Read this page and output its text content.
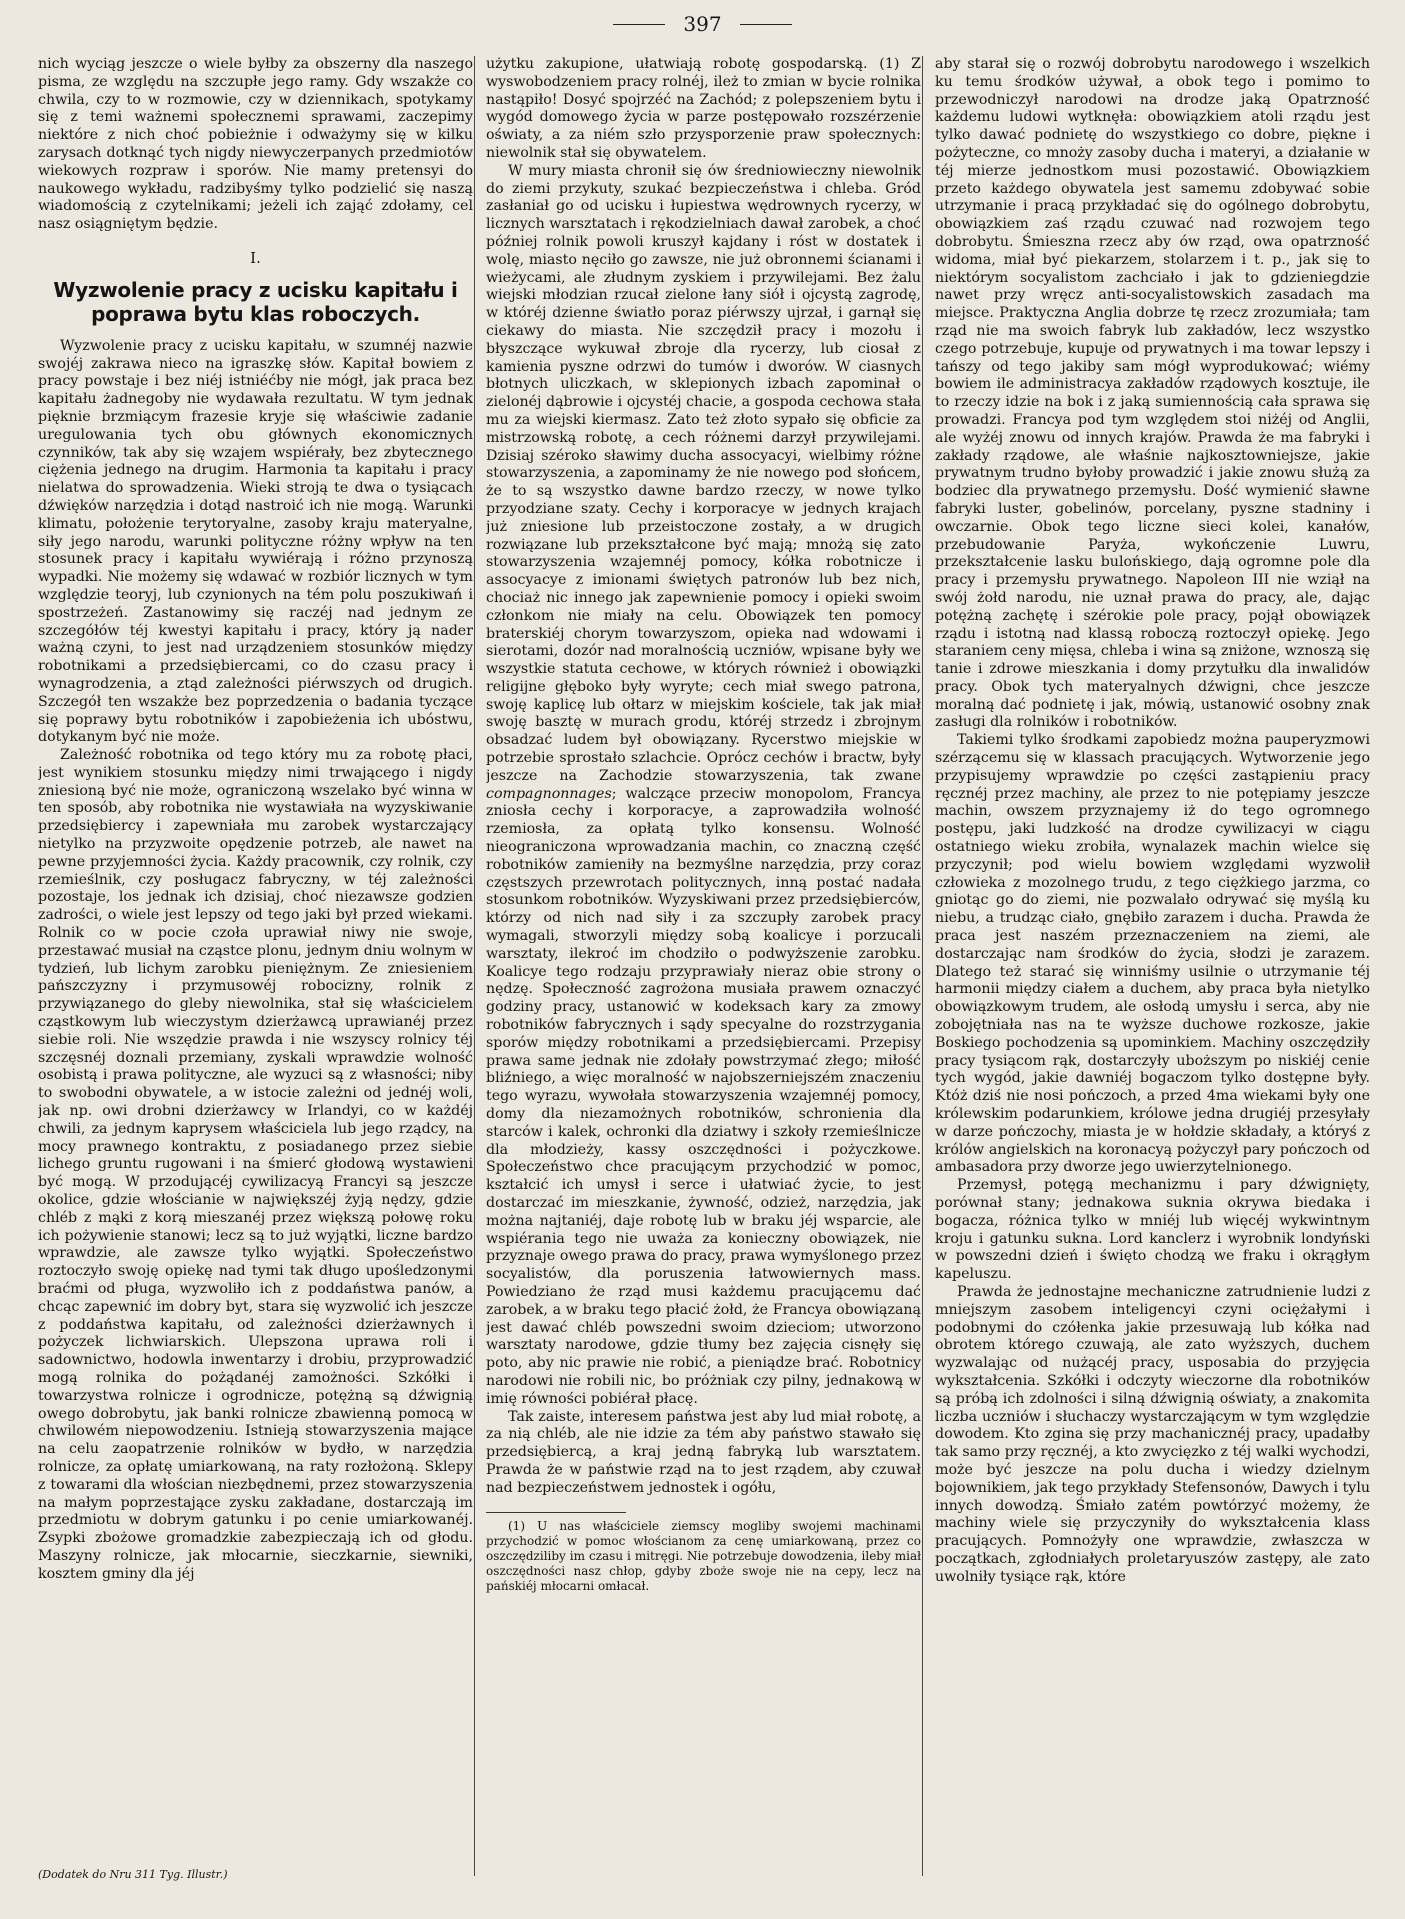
397

nich wyciąg jeszcze o wiele byłby za obszerny dla naszego pisma, ze względu na szczupłe jego ramy. Gdy wszakże co chwila, czy to w rozmowie, czy w dziennikach, spotykamy się z temi ważnemi społecznemi sprawami, zaczepimy niektóre z nich choć pobieżnie i odważymy się w kilku zarysach dotknąć tych nigdy niewyczerpanych przedmiotów wiekowych rozpraw i sporów. Nie mamy pretensyi do naukowego wykładu, radzibyśmy tylko podzielić się naszą wiadomością z czytelnikami; jeżeli ich zająć zdołamy, cel nasz osiągniętym będzie.

I.
Wyzwolenie pracy z ucisku kapitału i poprawa bytu klas roboczych.

Wyzwolenie pracy z ucisku kapitału, w szumnéj nazwie swojéj zakrawa nieco na igraszkę słów. Kapitał bowiem z pracy powstaje i bez niéj istniéćby nie mógł, jak praca bez kapitału żadnegoby nie wydawała rezultatu. W tym jednak pięknie brzmiącym frazesie kryje się właściwie zadanie uregulowania tych obu głównych ekonomicznych czynników, tak aby się wzajem wspiérały, bez zbytecznego ciężenia jednego na drugim. Harmonia ta kapitału i pracy nielatwa do sprowadzenia. Wieki stroją te dwa o tysiącach dźwięków narzędzia i dotąd nastroić ich nie mogą. Warunki klimatu, położenie terytoryalne, zasoby kraju materyalne, siły jego narodu, warunki polityczne różny wpływ na ten stosunek pracy i kapitału wywiérają i różno przynoszą wypadki. Nie możemy się wdawać w rozbiór licznych w tym względzie teoryj, lub czynionych na tém polu poszukiwań i spostrzeżeń. Zastanowimy się raczéj nad jednym ze szczegółów téj kwestyi kapitału i pracy, który ją nader ważną czyni, to jest nad urządzeniem stosunków między robotnikami a przedsiębiercami, co do czasu pracy i wynagrodzenia, a ztąd zależności piérwszych od drugich. Szczegół ten wszakże bez poprzedzenia o badania tyczące się poprawy bytu robotników i zapobieżenia ich ubóstwu, dotykanym być nie może.

Zależność robotnika od tego który mu za robotę płaci, jest wynikiem stosunku między nimi trwającego i nigdy zniesioną być nie może, ograniczoną wszelako być winna w ten sposób, aby robotnika nie wystawiała na wyzyskiwanie przedsiębiercy i zapewniała mu zarobek wystarczający nietylko na przyzwoite opędzenie potrzeb, ale nawet na pewne przyjemności życia. Każdy pracownik, czy rolnik, czy rzemieślnik, czy posługacz fabryczny, w téj zależności pozostaje, los jednak ich dzisiaj, choć niezawsze godzien zadrości, o wiele jest lepszy od tego jaki był przed wiekami. Rolnik co w pocie czoła uprawiał niwy nie swoje, przestawać musiał na cząstce plonu, jednym dniu wolnym w tydzień, lub lichym zarobku pieniężnym. Ze zniesieniem pańszczyzny i przymusowéj robocizny, rolnik z przywiązanego do gleby niewolnika, stał się właścicielem cząstkowym lub wieczystym dzierżawcą uprawianéj przez siebie roli. Nie wszędzie prawda i nie wszyscy rolnicy téj szczęsnéj doznali przemiany, zyskali wprawdzie wolność osobistą i prawa polityczne, ale wyzuci są z własności; niby to swobodni obywatele, a w istocie zależni od jednéj woli, jak np. owi drobni dzierżawcy w Irlandyi, co w każdéj chwili, za jednym kaprysem właściciela lub jego rządcy, na mocy prawnego kontraktu, z posiadanego przez siebie lichego gruntu rugowani i na śmierć głodową wystawieni być mogą. W przodującéj cywilizacyą Francyi są jeszcze okolice, gdzie włościanie w największéj żyją nędzy, gdzie chléb z mąki z korą mieszanéj przez większą połowę roku ich pożywienie stanowi; lecz są to już wyjątki, liczne bardzo wprawdzie, ale zawsze tylko wyjątki. Społeczeństwo roztoczyło swoję opiekę nad tymi tak długo upośledzonymi braćmi od pługa, wyzwoliło ich z poddaństwa panów, a chcąc zapewnić im dobry byt, stara się wyzwolić ich jeszcze z poddaństwa kapitału, od zależności dzierżawnych i pożyczek lichwiarskich. Ulepszona uprawa roli i sadownictwo, hodowla inwentarzy i drobiu, przyprowadzić mogą rolnika do pożądanéj zamożności. Szkółki i towarzystwa rolnicze i ogrodnicze, potężną są dźwignią owego dobrobytu, jak banki rolnicze zbawienną pomocą w chwilowém niepowodzeniu. Istnieją stowarzyszenia mające na celu zaopatrzenie rolników w bydło, w narzędzia rolnicze, za opłatę umiarkowaną, na raty rozłożoną. Sklepy z towarami dla włościan niezbędnemi, przez stowarzyszenia na małym poprzestające zysku zakładane, dostarczają im przedmiotu w dobrym gatunku i po cenie umiarkowanéj. Zsypki zbożowe gromadzkie zabezpieczają ich od głodu. Maszyny rolnicze, jak młocarnie, sieczkarnie, siewniki, kosztem gminy dla jéj

użytku zakupione, ułatwiają robotę gospodarską. (1) Z wyswobodzeniem pracy rolnéj, ileż to zmian w bycie rolnika nastąpiło! Dosyć spojrzéć na Zachód; z polepszeniem bytu i wygód domowego życia w parze postępowało rozszérzenie oświaty, a za niém szło przysporzenie praw społecznych: niewolnik stał się obywatelem.

W mury miasta chronił się ów średniowieczny niewolnik do ziemi przykuty, szukać bezpieczeństwa i chleba. Gród zasłaniał go od ucisku i łupiestwa wędrownych rycerzy, w licznych warsztatach i rękodzielniach dawał zarobek, a choć później rolnik powoli kruszył kajdany i róst w dostatek i wolę, miasto nęciło go zawsze, nie już obronnemi ścianami i wieżycami, ale złudnym zyskiem i przywilejami. Bez żalu wiejski młodzian rzucał zielone łany siół i ojcystą zagrodę, w któréj dzienne światło poraz piérwszy ujrzał, i garnął się ciekawy do miasta. Nie szczędził pracy i mozołu i błyszczące wykuwał zbroje dla rycerzy, lub ciosał z kamienia pyszne odrzwi do tumów i dworów. W ciasnych błotnych uliczkach, w sklepionych izbach zapominał o zielonéj dąbrowie i ojcystéj chacie, a gospoda cechowa stała mu za wiejski kiermasz. Zato też złoto sypało się obficie za mistrzowską robotę, a cech różnemi darzył przywilejami. Dzisiaj széroko sławimy ducha assocyacyi, wielbimy różne stowarzyszenia, a zapominamy że nie nowego pod słońcem, że to są wszystko dawne bardzo rzeczy, w nowe tylko przyodziane szaty. Cechy i korporacye w jednych krajach już zniesione lub przeistoczone zostały, a w drugich rozwiązane lub przekształcone być mają; mnożą się zato stowarzyszenia wzajemnéj pomocy, kółka robotnicze i assocyacye z imionami świętych patronów lub bez nich, chociaż nic innego jak zapewnienie pomocy i opieki swoim członkom nie miały na celu. Obowiązek ten pomocy braterskiéj chorym towarzyszom, opieka nad wdowami i sierotami, dozór nad moralnością uczniów, wpisane były we wszystkie statuta cechowe, w których również i obowiązki religijne głęboko były wyryte; cech miał swego patrona, swoję kaplicę lub ołtarz w miejskim kościele, tak jak miał swoję basztę w murach grodu, któréj strzedz i zbrojnym obsadzać ludem był obowiązany. Rycerstwo miejskie w potrzebie sprostało szlachcie. Oprócz cechów i bractw, były jeszcze na Zachodzie stowarzyszenia, tak zwane compagnonnages; walczące przeciw monopolom, Francya zniosła cechy i korporacye, a zaprowadziła wolność rzemiosła, za opłatą tylko konsensu. Wolność nieograniczona wprowadzania machin, co znaczną część robotników zamieniły na bezmyślne narzędzia, przy coraz częstszych przewrotach politycznych, inną postać nadała stosunkom robotników. Wyzyskiwani przez przedsiębierców, którzy od nich nad siły i za szczupły zarobek pracy wymagali, stworzyli między sobą koalicye i porzucali warsztaty, ilekroć im chodziło o podwyższenie zarobku. Koalicye tego rodzaju przyprawiały nieraz obie strony o nędzę. Społeczność zagrożona musiała prawem oznaczyć godziny pracy, ustanowić w kodeksach kary za zmowy robotników fabrycznych i sądy specyalne do rozstrzygania sporów między robotnikami a przedsiębiercami. Przepisy prawa same jednak nie zdołały powstrzymać złego; miłość bliźniego, a więc moralność w najobszerniejszém znaczeniu tego wyrazu, wywołała stowarzyszenia wzajemnéj pomocy, domy dla niezamożnych robotników, schronienia dla starców i kalek, ochronki dla dziatwy i szkoły rzemieślnicze dla młodzieży, kassy oszczędności i pożyczkowe. Społeczeństwo chce pracującym przychodzić w pomoc, kształcić ich umysł i serce i ułatwiać życie, to jest dostarczać im mieszkanie, żywność, odzież, narzędzia, jak można najtaniéj, daje robotę lub w braku jéj wsparcie, ale wspiérania tego nie uważa za konieczny obowiązek, nie przyznaje owego prawa do pracy, prawa wymyślonego przez socyalistów, dla poruszenia łatwowiernych mass. Powiedziano że rząd musi każdemu pracującemu dać zarobek, a w braku tego płacić żołd, że Francya obowiązaną jest dawać chléb powszedni swoim dzieciom; utworzono warsztaty narodowe, gdzie tłumy bez zajęcia cisnęły się poto, aby nic prawie nie robić, a pieniądze brać. Robotnicy narodowi nie robili nic, bo próżniak czy pilny, jednakową w imię równości pobiérał płacę.

Tak zaiste, interesem państwa jest aby lud miał robotę, a za nią chléb, ale nie idzie za tém aby państwo stawało się przedsiębiercą, a kraj jedną fabryką lub warsztatem. Prawda że w państwie rząd na to jest rządem, aby czuwał nad bezpieczeństwem jednostek i ogółu,

(1) U nas właściciele ziemscy mogliby swojemi machinami przychodzić w pomoc włościanom za cenę umiarkowaną, przez co oszczędziliby im czasu i mitręgi. Nie potrzebuje dowodzenia, ileby miał oszczędności nasz chłop, gdyby zboże swoje nie na cepy, lecz na pańskiéj młocarni omłacał.

aby starał się o rozwój dobrobytu narodowego i wszelkich ku temu środków używał, a obok tego i pomimo to przewodniczył narodowi na drodze jaką Opatrzność każdemu ludowi wytknęła: obowiązkiem atoli rządu jest tylko dawać podnietę do wszystkiego co dobre, piękne i pożyteczne, co mnoży zasoby ducha i materyi, a działanie w téj mierze jednostkom musi pozostawić. Obowiązkiem przeto każdego obywatela jest samemu zdobywać sobie utrzymanie i pracą przykładać się do ogólnego dobrobytu, obowiązkiem zaś rządu czuwać nad rozwojem tego dobrobytu. Śmieszna rzecz aby ów rząd, owa opatrzność widoma, miał być piekarzem, stolarzem i t. p., jak się to niektórym socyalistom zachciało i jak to gdzieniegdzie nawet przy wręcz anti-socyalistowskich zasadach ma miejsce. Praktyczna Anglia dobrze tę rzecz zrozumiała; tam rząd nie ma swoich fabryk lub zakładów, lecz wszystko czego potrzebuje, kupuje od prywatnych i ma towar lepszy i tańszy od tego jakiby sam mógł wyprodukować; wiémy bowiem ile administracya zakładów rządowych kosztuje, ile to rzeczy idzie na bok i z jaką sumiennością cała sprawa się prowadzi. Francya pod tym względem stoi niżéj od Anglii, ale wyżéj znowu od innych krajów. Prawda że ma fabryki i zakłady rządowe, ale właśnie najkosztowniejsze, jakie prywatnym trudno byłoby prowadzić i jakie znowu służą za bodziec dla prywatnego przemysłu. Dość wymienić sławne fabryki luster, gobelinów, porcelany, pyszne stadniny i owczarnie. Obok tego liczne sieci kolei, kanałów, przebudowanie Paryża, wykończenie Luwru, przekształcenie lasku bulońskiego, dają ogromne pole dla pracy i przemysłu prywatnego. Napoleon III nie wziął na swój żołd narodu, nie uznał prawa do pracy, ale, dając potężną zachętę i szérokie pole pracy, pojął obowiązek rządu i istotną nad klassą roboczą roztoczył opiekę. Jego staraniem ceny mięsa, chleba i wina są zniżone, wznoszą się tanie i zdrowe mieszkania i domy przytułku dla inwalidów pracy. Obok tych materyalnych dźwigni, chce jeszcze moralną dać podnietę i jak, mówią, ustanowić osobny znak zasługi dla rolników i robotników.

Takiemi tylko środkami zapobiedz można pauperyzmowi szérzącemu się w klassach pracujących. Wytworzenie jego przypisujemy wprawdzie po części zastąpieniu pracy ręcznéj przez machiny, ale przez to nie potępiamy jeszcze machin, owszem przyznajemy iż do tego ogromnego postępu, jaki ludzkość na drodze cywilizacyi w ciągu ostatniego wieku zrobiła, wynalazek machin wielce się przyczynił; pod wielu bowiem względami wyzwolił człowieka z mozolnego trudu, z tego ciężkiego jarzma, co gniotąc go do ziemi, nie pozwalało odrywać się myślą ku niebu, a trudząc ciało, gnębiło zarazem i ducha. Prawda że praca jest naszém przeznaczeniem na ziemi, ale dostarczając nam środków do życia, słodzi je zarazem. Dlatego też starać się winniśmy usilnie o utrzymanie téj harmonii między ciałem a duchem, aby praca była nietylko obowiązkowym trudem, ale osłodą umysłu i serca, aby nie zobojętniała nas na te wyższe duchowe rozkosze, jakie Boskiego pochodzenia są upominkiem. Machiny oszczędziły pracy tysiącom rąk, dostarczyły uboższym po niskiéj cenie tych wygód, jakie dawniéj bogaczom tylko dostępne były. Któż dziś nie nosi pończoch, a przed 4ma wiekami były one królewskim podarunkiem, królowe jedna drugiéj przesyłały w darze pończochy, miasta je w hołdzie składały, a któryś z królów angielskich na koronacyą pożyczył pary pończoch od ambasadora przy dworze jego uwierzytelnionego.

Przemysł, potęgą mechanizmu i pary dźwignięty, porównał stany; jednakowa suknia okrywa biedaka i bogacza, różnica tylko w mniéj lub więcéj wykwintnym kroju i gatunku sukna. Lord kanclerz i wyrobnik londyński w powszedni dzień i święto chodzą we fraku i okrągłym kapeluszu.

Prawda że jednostajne mechaniczne zatrudnienie ludzi z mniejszym zasobem inteligencyi czyni ociężałymi i podobnymi do czółenka jakie przesuwają lub kółka nad obrotem którego czuwają, ale zato wyższych, duchem wyzwalając od nużącéj pracy, usposabia do przyjęcia wykształcenia. Szkółki i odczyty wieczorne dla robotników są próbą ich zdolności i silną dźwignią oświaty, a znakomita liczba uczniów i słuchaczy wystarczającym w tym względzie dowodem. Kto zgina się przy machanicznéj pracy, upadałby tak samo przy ręcznéj, a kto zwycięzko z téj walki wychodzi, może być jeszcze na polu ducha i wiedzy dzielnym bojownikiem, jak tego przykłady Stefensonów, Dawych i tylu innych dowodzą. Śmiało zatém powtórzyć możemy, że machiny wiele się przyczyniły do wykształcenia klass pracujących. Pomnożyły one wprawdzie, zwłaszcza w początkach, zgłodniałych proletaryuszów zastępy, ale zato uwolniły tysiące rąk, które

(Dodatek do Nru 311 Tyg. Illustr.)
